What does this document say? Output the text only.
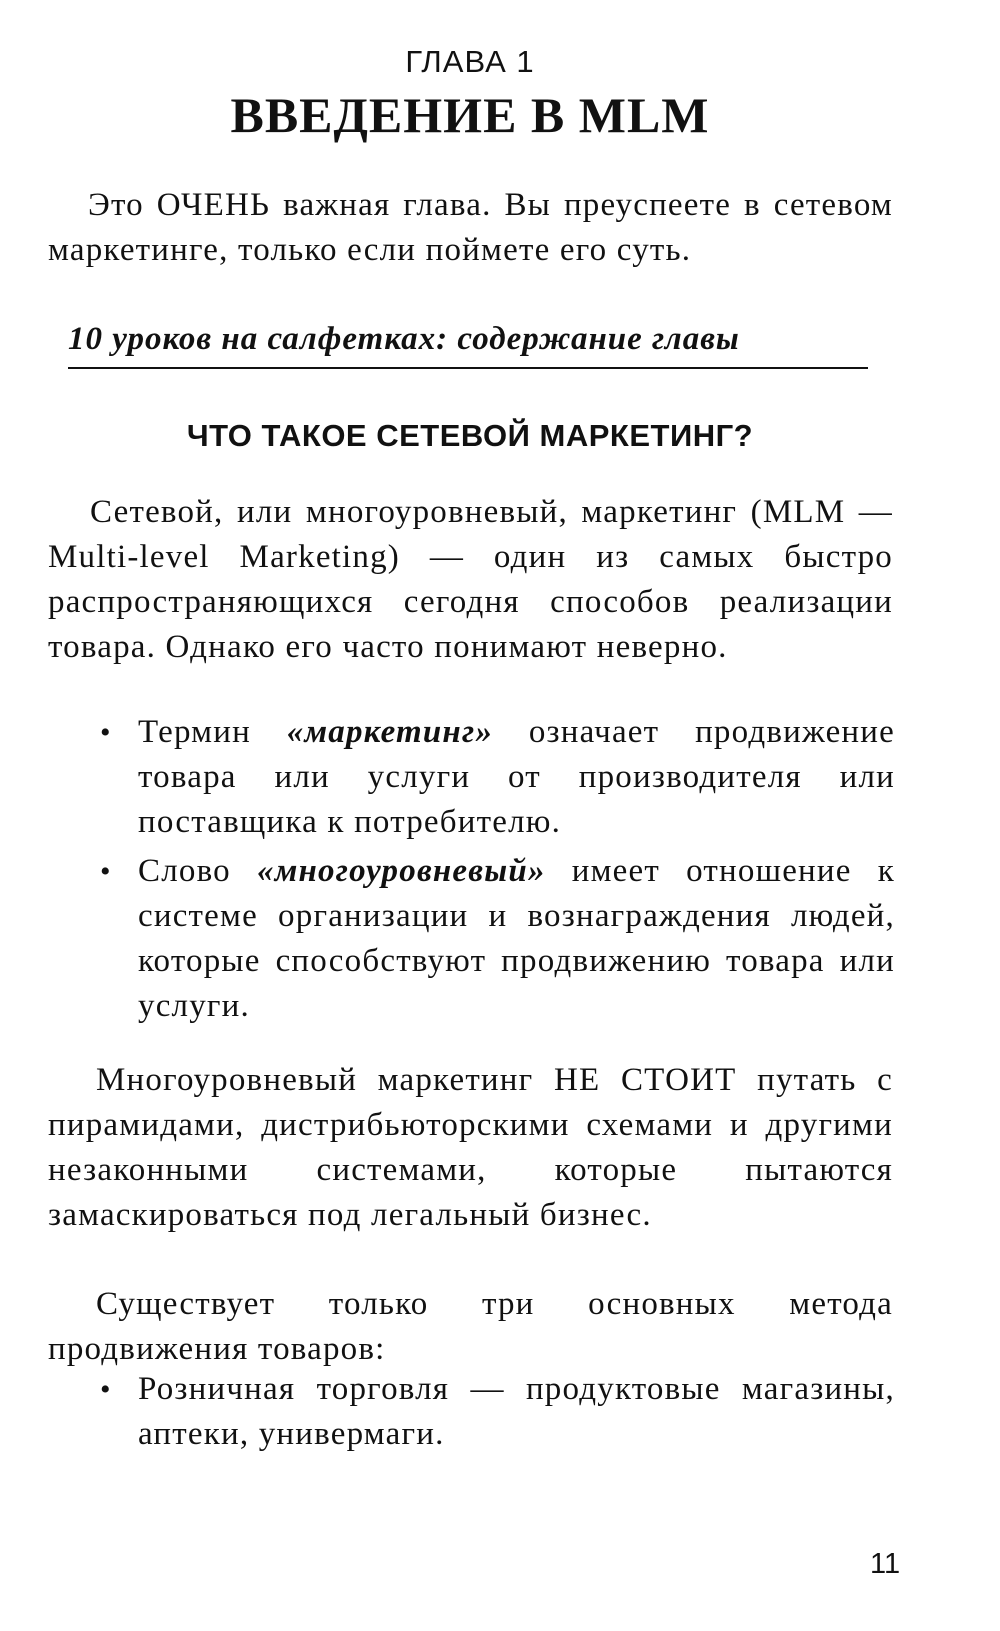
ГЛАВА 1
ВВЕДЕНИЕ В MLM

Это ОЧЕНЬ важная глава. Вы преуспеете в сетевом маркетинге, только если поймете его суть.

10 уроков на салфетках: содержание главы
ЧТО ТАКОЕ СЕТЕВОЙ МАРКЕТИНГ?

Сетевой, или многоуровневый, маркетинг (MLM — Multi-level Marketing) — один из самых быстро распространяющихся сегодня способов реализации товара. Однако его часто понимают неверно.

• Термин «маркетинг» означает продвижение товара или услуги от производителя или поставщика к потребителю.
• Слово «многоуровневый» имеет отношение к системе организации и вознаграждения людей, которые способствуют продвижению товара или услуги.

Многоуровневый маркетинг НЕ СТОИТ путать с пирамидами, дистрибьюторскими схемами и другими незаконными системами, которые пытаются замаскироваться под легальный бизнес.

Существует только три основных метода продвижения товаров:

• Розничная торговля — продуктовые магазины, аптеки, универмаги.
11
